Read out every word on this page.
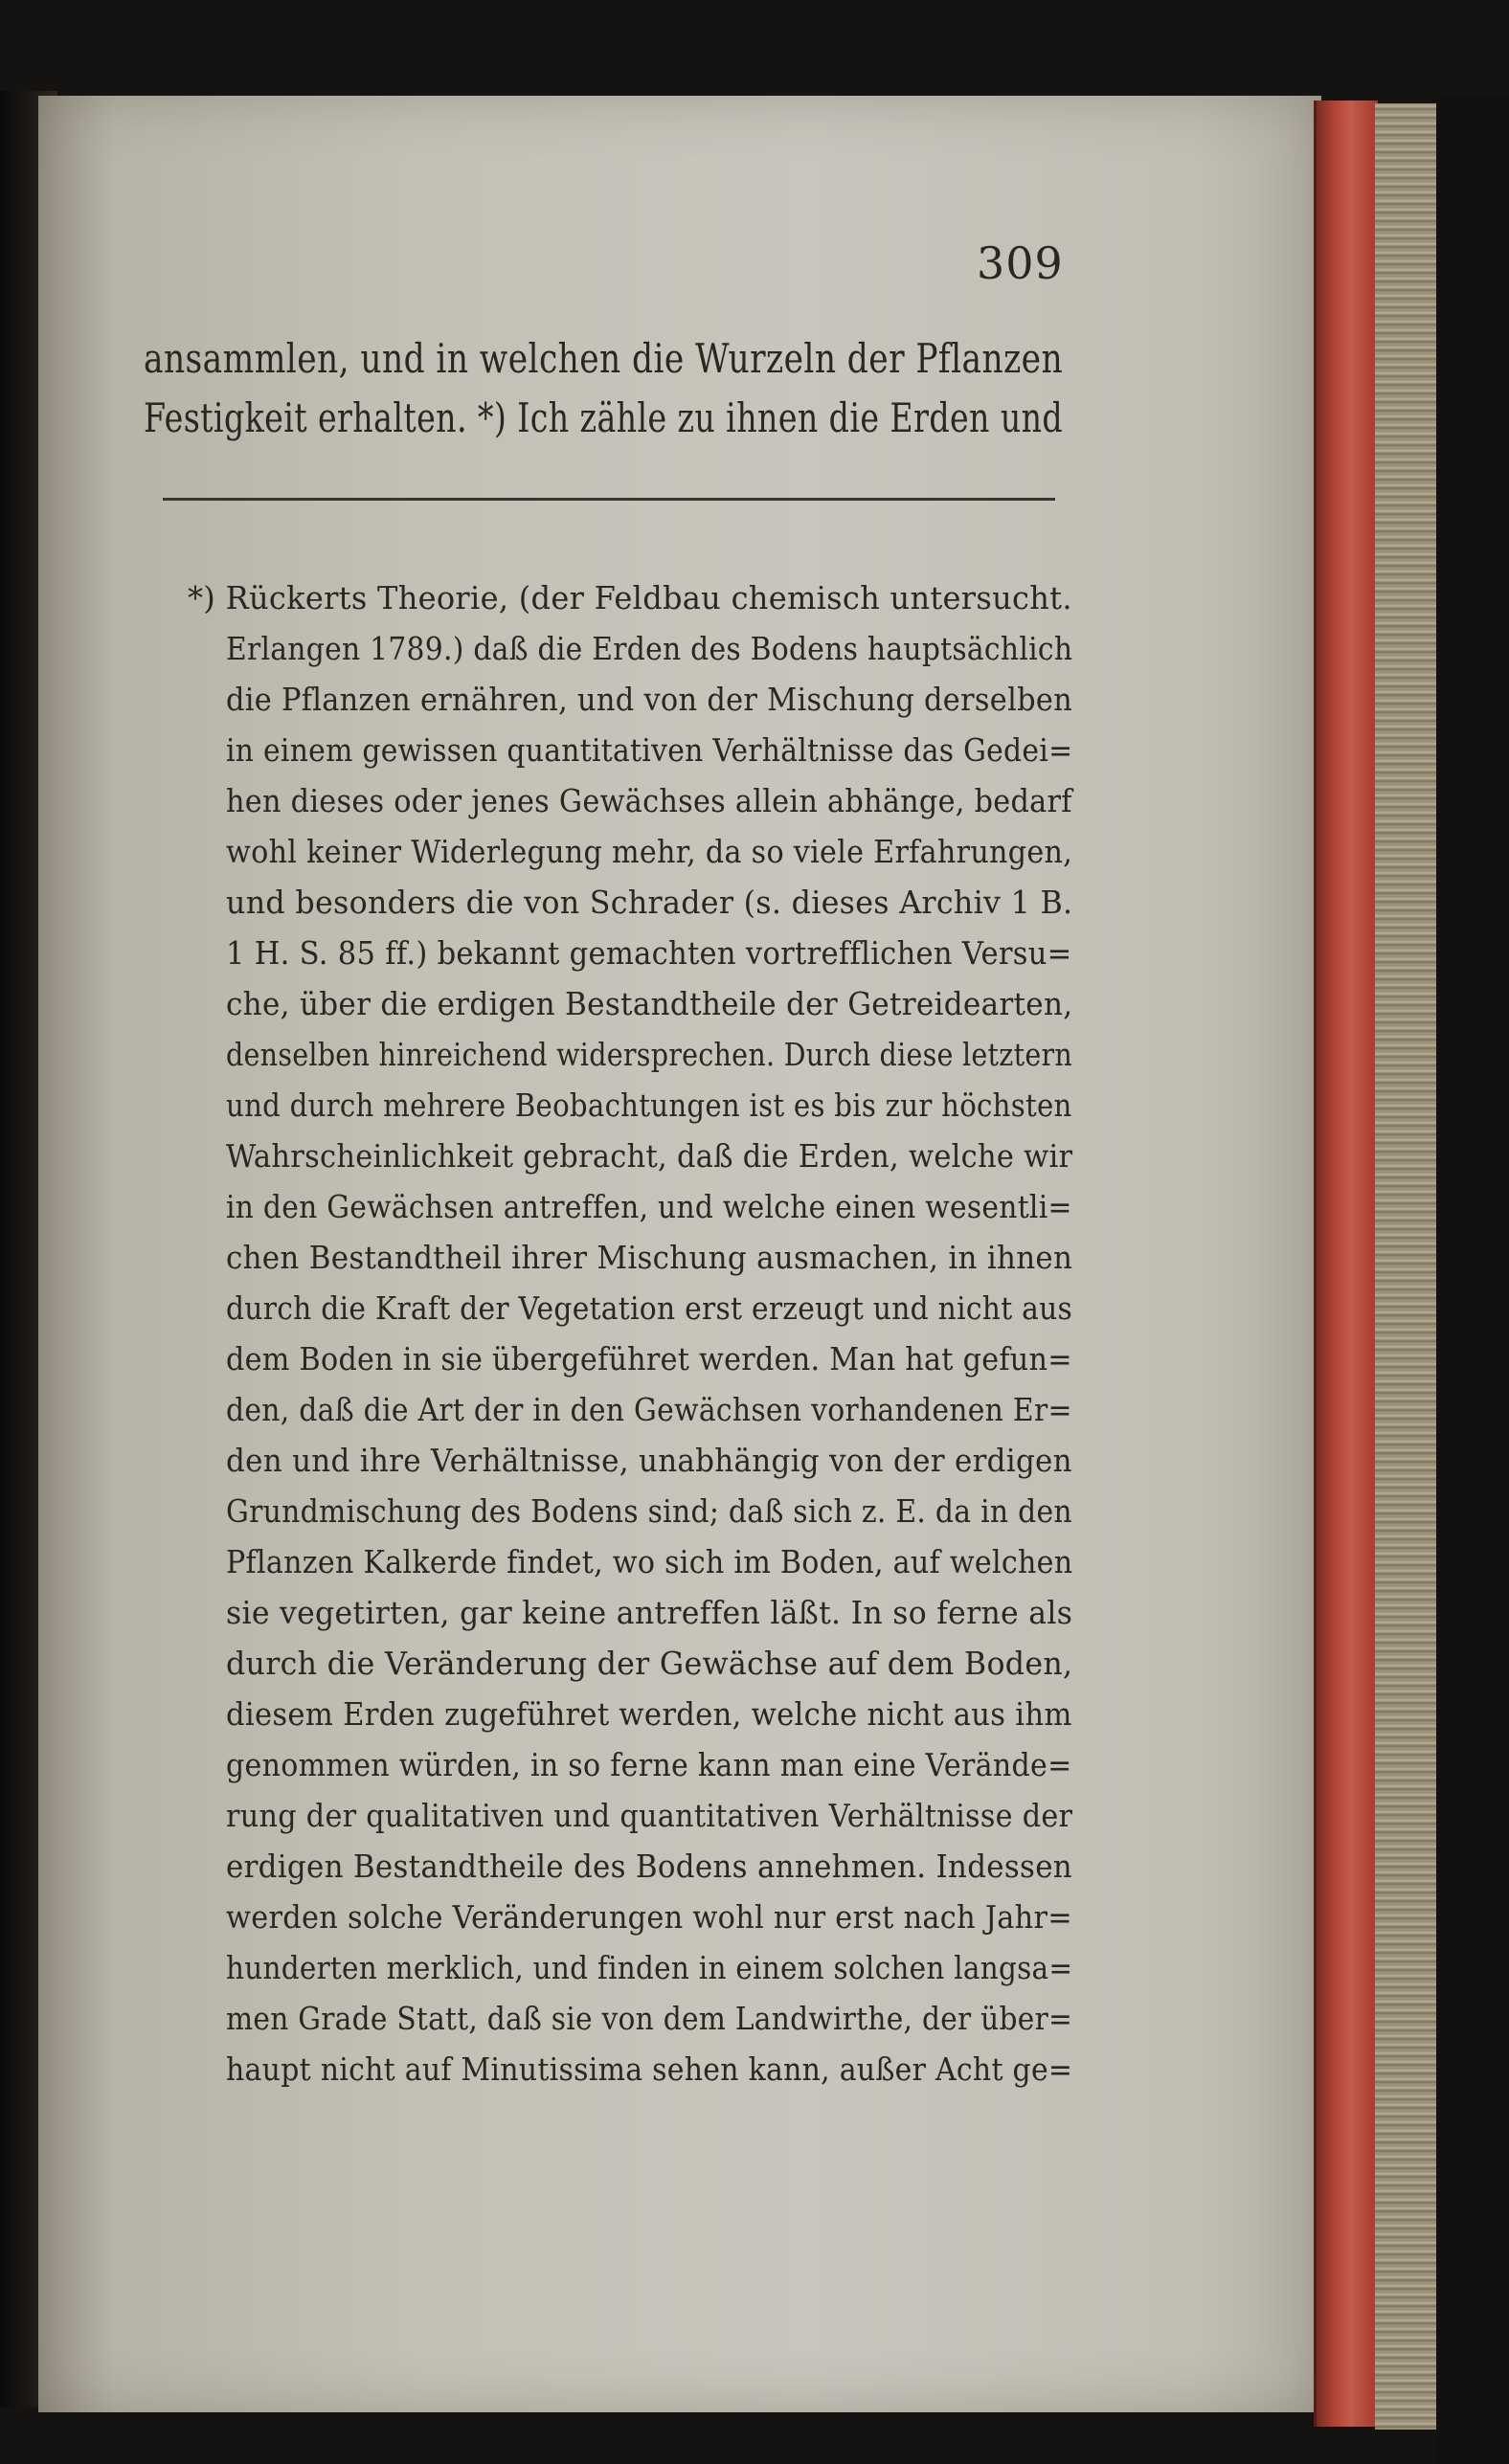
309
ansammlen, und in welchen die Wurzeln der Pflanzen
Festigkeit erhalten. *) Ich zähle zu ihnen die Erden und
*) Rückerts Theorie, (der Feldbau chemisch untersucht.
Erlangen 1789.) daß die Erden des Bodens hauptsächlich
die Pflanzen ernähren, und von der Mischung derselben
in einem gewissen quantitativen Verhältnisse das Gedei=
hen dieses oder jenes Gewächses allein abhänge, bedarf
wohl keiner Widerlegung mehr, da so viele Erfahrungen,
und besonders die von Schrader (s. dieses Archiv 1 B.
1 H. S. 85 ff.) bekannt gemachten vortrefflichen Versu=
che, über die erdigen Bestandtheile der Getreidearten,
denselben hinreichend widersprechen. Durch diese letztern
und durch mehrere Beobachtungen ist es bis zur höchsten
Wahrscheinlichkeit gebracht, daß die Erden, welche wir
in den Gewächsen antreffen, und welche einen wesentli=
chen Bestandtheil ihrer Mischung ausmachen, in ihnen
durch die Kraft der Vegetation erst erzeugt und nicht aus
dem Boden in sie übergeführet werden. Man hat gefun=
den, daß die Art der in den Gewächsen vorhandenen Er=
den und ihre Verhältnisse, unabhängig von der erdigen
Grundmischung des Bodens sind; daß sich z. E. da in den
Pflanzen Kalkerde findet, wo sich im Boden, auf welchen
sie vegetirten, gar keine antreffen läßt. In so ferne als
durch die Veränderung der Gewächse auf dem Boden,
diesem Erden zugeführet werden, welche nicht aus ihm
genommen würden, in so ferne kann man eine Verände=
rung der qualitativen und quantitativen Verhältnisse der
erdigen Bestandtheile des Bodens annehmen. Indessen
werden solche Veränderungen wohl nur erst nach Jahr=
hunderten merklich, und finden in einem solchen langsa=
men Grade Statt, daß sie von dem Landwirthe, der über=
haupt nicht auf Minutissima sehen kann, außer Acht ge=
